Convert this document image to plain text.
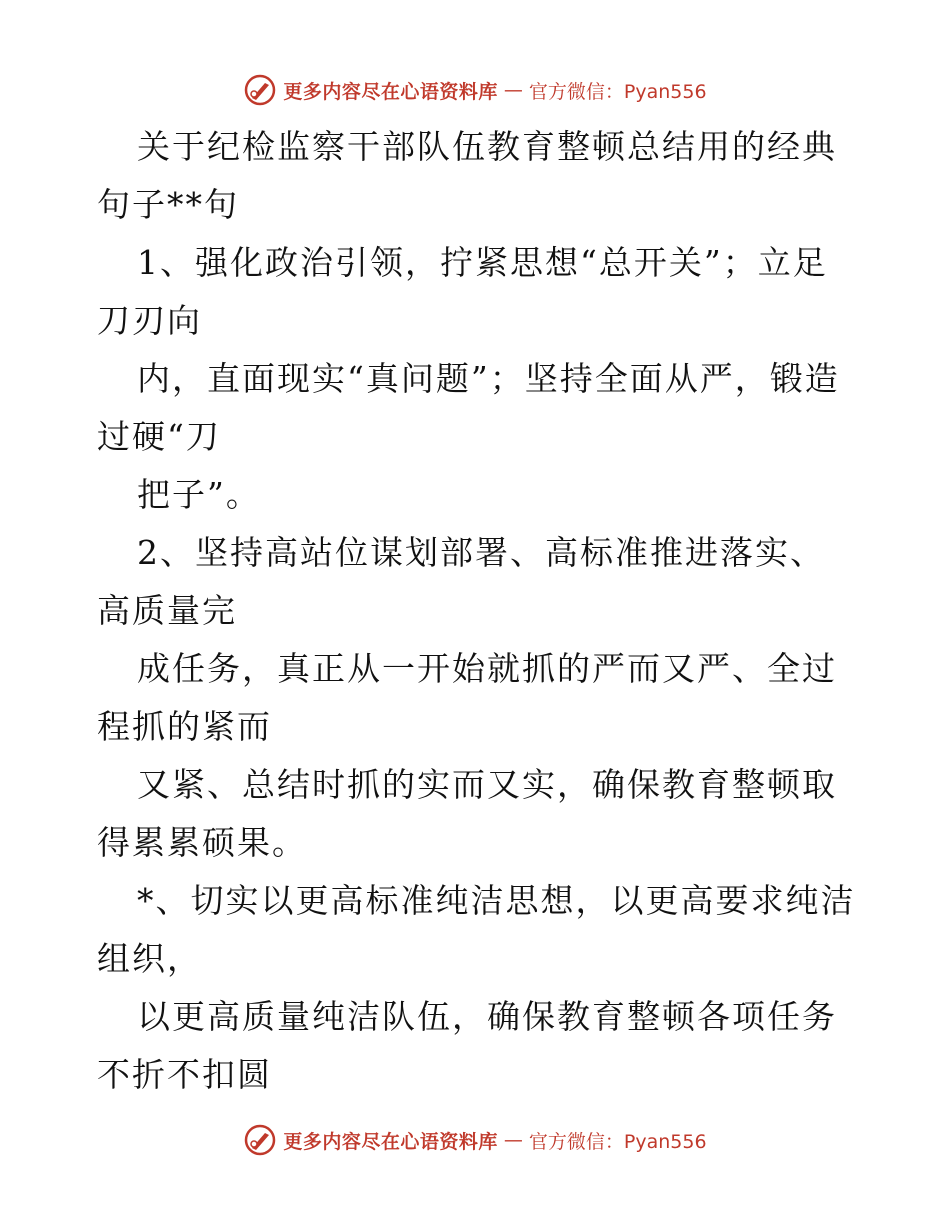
更多内容尽在心语资料库 — 官方微信：Pyan556

关于纪检监察干部队伍教育整顿总结用的经典句子**句

1、强化政治引领，拧紧思想“总开关”；立足刀刃向

内，直面现实“真问题”；坚持全面从严，锻造过硬“刀

把子”。

2、坚持高站位谋划部署、高标准推进落实、高质量完

成任务，真正从一开始就抓的严而又严、全过程抓的紧而

又紧、总结时抓的实而又实，确保教育整顿取得累累硕果。

*、切实以更高标准纯洁思想，以更高要求纯洁组织，

以更高质量纯洁队伍，确保教育整顿各项任务不折不扣圆

更多内容尽在心语资料库 — 官方微信：Pyan556
